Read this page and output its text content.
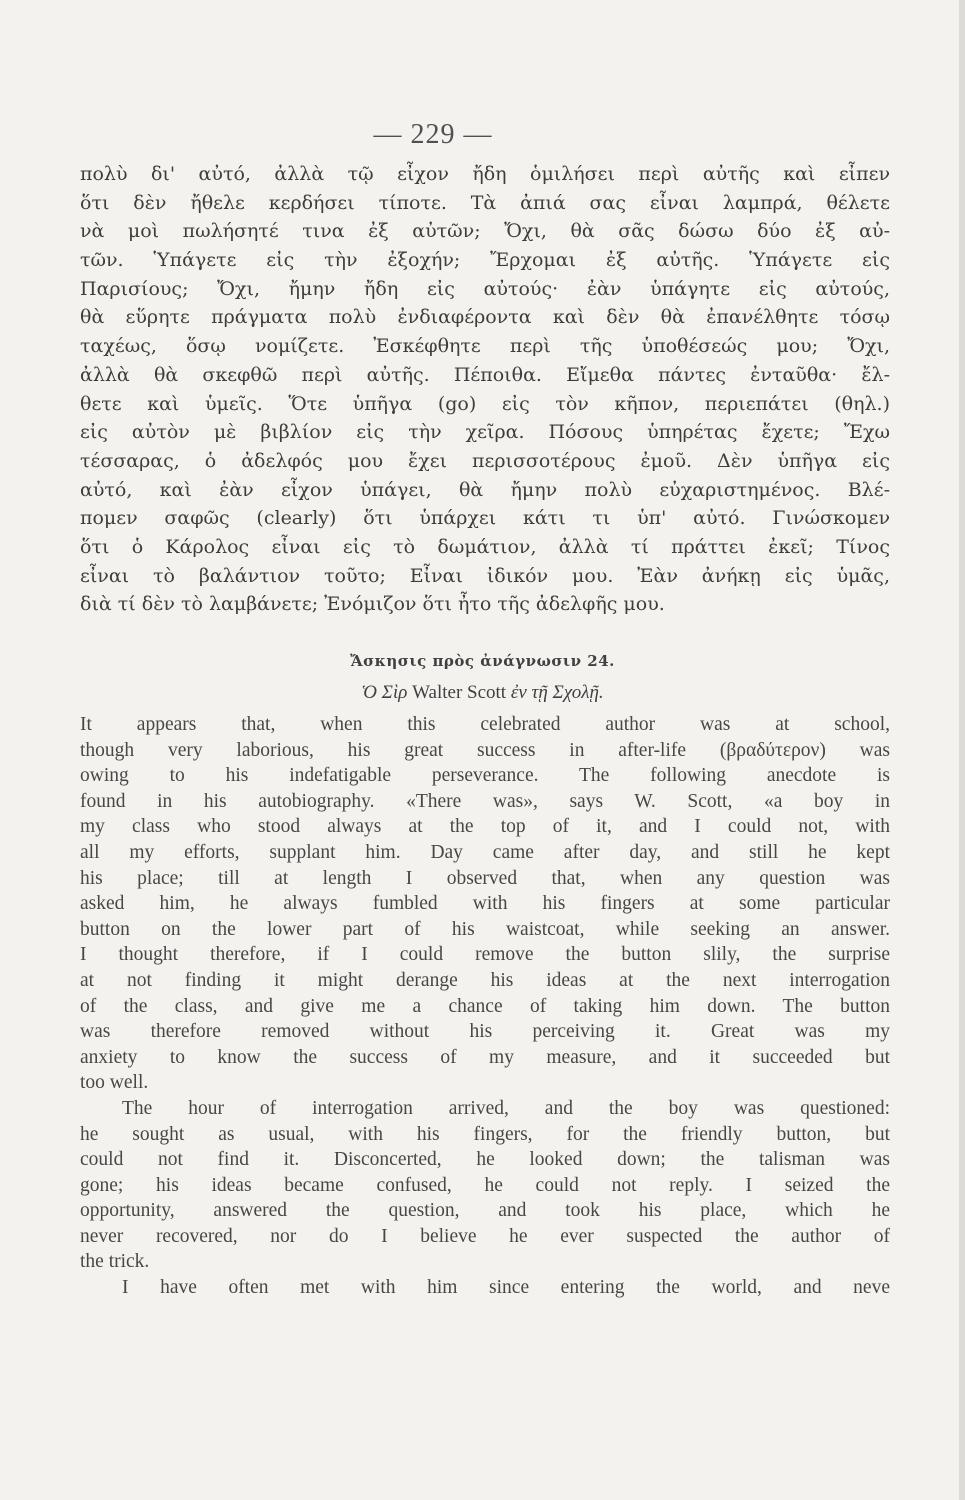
— 229 —
πολὺ δι' αὐτό, ἀλλὰ τῷ εἶχον ἤδη ὁμιλήσει περὶ αὐτῆς καὶ εἶπεν
ὅτι δὲν ἤθελε κερδήσει τίποτε. Τὰ ἀπιά σας εἶναι λαμπρά, θέλετε
νὰ μοὶ πωλήσητέ τινα ἐξ αὐτῶν; Ὄχι, θὰ σᾶς δώσω δύο ἐξ αὐ-
τῶν. Ὑπάγετε εἰς τὴν ἐξοχήν; Ἔρχομαι ἐξ αὐτῆς. Ὑπάγετε εἰς
Παρισίους; Ὄχι, ἤμην ἤδη εἰς αὐτούς· ἐὰν ὑπάγητε εἰς αὐτούς,
θὰ εὕρητε πράγματα πολὺ ἐνδιαφέροντα καὶ δὲν θὰ ἐπανέλθητε τόσῳ
ταχέως, ὅσῳ νομίζετε. Ἐσκέφθητε περὶ τῆς ὑποθέσεώς μου; Ὄχι,
ἀλλὰ θὰ σκεφθῶ περὶ αὐτῆς. Πέποιθα. Εἴμεθα πάντες ἐνταῦθα· ἔλ-
θετε καὶ ὑμεῖς. Ὅτε ὑπῆγα (go) εἰς τὸν κῆπον, περιεπάτει (θηλ.)
εἰς αὐτὸν μὲ βιβλίον εἰς τὴν χεῖρα. Πόσους ὑπηρέτας ἔχετε; Ἔχω
τέσσαρας, ὁ ἀδελφός μου ἔχει περισσοτέρους ἐμοῦ. Δὲν ὑπῆγα εἰς
αὐτό, καὶ ἐὰν εἶχον ὑπάγει, θὰ ἤμην πολὺ εὐχαριστημένος. Βλέ-
πομεν σαφῶς (clearly) ὅτι ὑπάρχει κάτι τι ὑπ' αὐτό. Γινώσκομεν
ὅτι ὁ Κάρολος εἶναι εἰς τὸ δωμάτιον, ἀλλὰ τί πράττει ἐκεῖ; Τίνος
εἶναι τὸ βαλάντιον τοῦτο; Εἶναι ἰδικόν μου. Ἐὰν ἀνήκῃ εἰς ὑμᾶς,
διὰ τί δὲν τὸ λαμβάνετε; Ἐνόμιζον ὅτι ἦτο τῆς ἀδελφῆς μου.
Ἄσκησις πρὸς ἀνάγνωσιν 24.
Ὁ Σὶρ Walter Scott ἐν τῇ Σχολῇ.
It appears that, when this celebrated author was at school,
though very laborious, his great success in after-life (βραδύτερον) was
owing to his indefatigable perseverance. The following anecdote is
found in his autobiography. «There was», says W. Scott, «a boy in
my class who stood always at the top of it, and I could not, with
all my efforts, supplant him. Day came after day, and still he kept
his place; till at length I observed that, when any question was
asked him, he always fumbled with his fingers at some particular
button on the lower part of his waistcoat, while seeking an answer.
I thought therefore, if I could remove the button slily, the surprise
at not finding it might derange his ideas at the next interrogation
of the class, and give me a chance of taking him down. The button
was therefore removed without his perceiving it. Great was my
anxiety to know the success of my measure, and it succeeded but
too well.
The hour of interrogation arrived, and the boy was questioned:
he sought as usual, with his fingers, for the friendly button, but
could not find it. Disconcerted, he looked down; the talisman was
gone; his ideas became confused, he could not reply. I seized the
opportunity, answered the question, and took his place, which he
never recovered, nor do I believe he ever suspected the author of
the trick.
I have often met with him since entering the world, and neve
